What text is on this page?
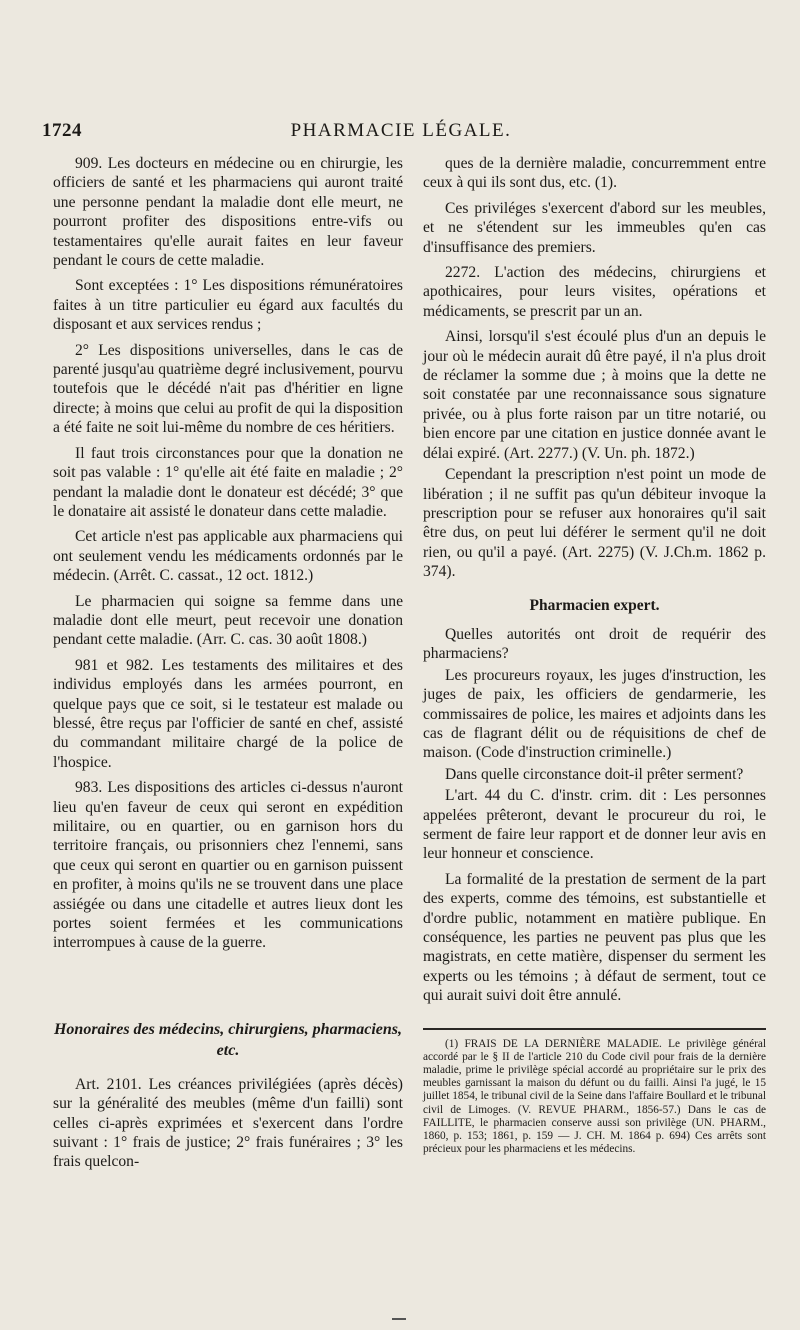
1724	PHARMACIE LÉGALE.

909. Les docteurs en médecine ou en chirurgie, les officiers de santé et les pharmaciens qui auront traité une personne pendant la maladie dont elle meurt, ne pourront profiter des dispositions entre-vifs ou testamentaires qu'elle aurait faites en leur faveur pendant le cours de cette maladie.

Sont exceptées : 1° Les dispositions rémunératoires faites à un titre particulier eu égard aux facultés du disposant et aux services rendus ;

2° Les dispositions universelles, dans le cas de parenté jusqu'au quatrième degré inclusivement, pourvu toutefois que le décédé n'ait pas d'héritier en ligne directe; à moins que celui au profit de qui la disposition a été faite ne soit lui-même du nombre de ces héritiers.

Il faut trois circonstances pour que la donation ne soit pas valable : 1° qu'elle ait été faite en maladie ; 2° pendant la maladie dont le donateur est décédé; 3° que le donataire ait assisté le donateur dans cette maladie.

Cet article n'est pas applicable aux pharmaciens qui ont seulement vendu les médicaments ordonnés par le médecin. (Arrêt. C. cassat., 12 oct. 1812.)

Le pharmacien qui soigne sa femme dans une maladie dont elle meurt, peut recevoir une donation pendant cette maladie. (Arr. C. cas. 30 août 1808.)

981 et 982. Les testaments des militaires et des individus employés dans les armées pourront, en quelque pays que ce soit, si le testateur est malade ou blessé, être reçus par l'officier de santé en chef, assisté du commandant militaire chargé de la police de l'hospice.

983. Les dispositions des articles ci-dessus n'auront lieu qu'en faveur de ceux qui seront en expédition militaire, ou en quartier, ou en garnison hors du territoire français, ou prisonniers chez l'ennemi, sans que ceux qui seront en quartier ou en garnison puissent en profiter, à moins qu'ils ne se trouvent dans une place assiégée ou dans une citadelle et autres lieux dont les portes soient fermées et les communications interrompues à cause de la guerre.

Honoraires des médecins, chirurgiens, pharmaciens, etc.

Art. 2101. Les créances privilégiées (après décès) sur la généralité des meubles (même d'un failli) sont celles ci-après exprimées et s'exercent dans l'ordre suivant : 1° frais de justice; 2° frais funéraires ; 3° les frais quelcon-

ques de la dernière maladie, concurremment entre ceux à qui ils sont dus, etc. (1).

Ces priviléges s'exercent d'abord sur les meubles, et ne s'étendent sur les immeubles qu'en cas d'insuffisance des premiers.

2272. L'action des médecins, chirurgiens et apothicaires, pour leurs visites, opérations et médicaments, se prescrit par un an.

Ainsi, lorsqu'il s'est écoulé plus d'un an depuis le jour où le médecin aurait dû être payé, il n'a plus droit de réclamer la somme due ; à moins que la dette ne soit constatée par une reconnaissance sous signature privée, ou à plus forte raison par un titre notarié, ou bien encore par une citation en justice donnée avant le délai expiré. (Art. 2277.) (V. Un. ph. 1872.)

Cependant la prescription n'est point un mode de libération ; il ne suffit pas qu'un débiteur invoque la prescription pour se refuser aux honoraires qu'il sait être dus, on peut lui déférer le serment qu'il ne doit rien, ou qu'il a payé. (Art. 2275) (V. J.Ch.m. 1862 p. 374).

Pharmacien expert.

Quelles autorités ont droit de requérir des pharmaciens?

Les procureurs royaux, les juges d'instruction, les juges de paix, les officiers de gendarmerie, les commissaires de police, les maires et adjoints dans les cas de flagrant délit ou de réquisitions de chef de maison. (Code d'instruction criminelle.)

Dans quelle circonstance doit-il prêter serment?

L'art. 44 du C. d'instr. crim. dit : Les personnes appelées prêteront, devant le procureur du roi, le serment de faire leur rapport et de donner leur avis en leur honneur et conscience.

La formalité de la prestation de serment de la part des experts, comme des témoins, est substantielle et d'ordre public, notamment en matière publique. En conséquence, les parties ne peuvent pas plus que les magistrats, en cette matière, dispenser du serment les experts ou les témoins ; à défaut de serment, tout ce qui aurait suivi doit être annulé.

(1) FRAIS DE LA DERNIÈRE MALADIE. Le privilège général accordé par le § II de l'article 210 du Code civil pour frais de la dernière maladie, prime le privilège spécial accordé au propriétaire sur le prix des meubles garnissant la maison du défunt ou du failli. Ainsi l'a jugé, le 15 juillet 1854, le tribunal civil de la Seine dans l'affaire Boullard et le tribunal civil de Limoges. (V. REVUE PHARM., 1856-57.) Dans le cas de FAILLITE, le pharmacien conserve aussi son privilège (UN. PHARM., 1860, p. 153; 1861, p. 159 — J. CH. M. 1864 p. 694) Ces arrêts sont précieux pour les pharmaciens et les médecins.
